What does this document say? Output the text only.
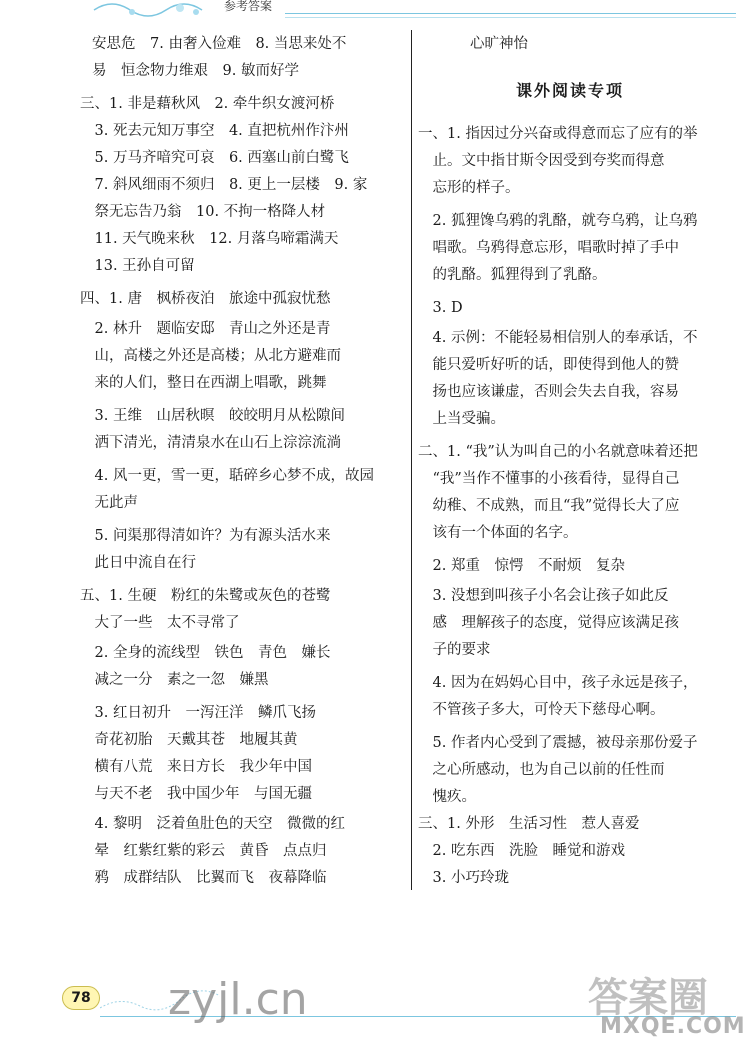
参考答案
安思危　7. 由奢入俭难　8. 当思来处不
易　恒念物力维艰　9. 敏而好学
三、1. 非是藉秋风　2. 牵牛织女渡河桥
　3. 死去元知万事空　4. 直把杭州作汴州
　5. 万马齐喑究可哀　6. 西塞山前白鹭飞
　7. 斜风细雨不须归　8. 更上一层楼　9. 家
　祭无忘告乃翁　10. 不拘一格降人材
　11. 天气晚来秋　12. 月落乌啼霜满天
　13. 王孙自可留
四、1. 唐　枫桥夜泊　旅途中孤寂忧愁
　2. 林升　题临安邸　青山之外还是青
　山，高楼之外还是高楼；从北方避难而
　来的人们，整日在西湖上唱歌，跳舞
　3. 王维　山居秋暝　皎皎明月从松隙间
　洒下清光，清清泉水在山石上淙淙流淌
　4. 风一更，雪一更，聒碎乡心梦不成，故园
　无此声
　5. 问渠那得清如许？为有源头活水来
　此日中流自在行
五、1. 生硬　粉红的朱鹭或灰色的苍鹭
　大了一些　太不寻常了
　2. 全身的流线型　铁色　青色　嫌长
　减之一分　素之一忽　嫌黑
　3. 红日初升　一泻汪洋　鳞爪飞扬
　奇花初胎　天戴其苍　地履其黄
　横有八荒　来日方长　我少年中国
　与天不老　我中国少年　与国无疆
　4. 黎明　泛着鱼肚色的天空　微微的红
　晕　红紫红紫的彩云　黄昏　点点归
　鸦　成群结队　比翼而飞　夜幕降临
心旷神怡
课外阅读专项
一、1. 指因过分兴奋或得意而忘了应有的举
　止。文中指甘斯令因受到夸奖而得意
　忘形的样子。
　2. 狐狸馋乌鸦的乳酪，就夸乌鸦，让乌鸦
　唱歌。乌鸦得意忘形，唱歌时掉了手中
　的乳酪。狐狸得到了乳酪。
　3. D
　4. 示例：不能轻易相信别人的奉承话，不
　能只爱听好听的话，即使得到他人的赞
　扬也应该谦虚，否则会失去自我，容易
　上当受骗。
二、1. “我”认为叫自己的小名就意味着还把
　“我”当作不懂事的小孩看待，显得自己
　幼稚、不成熟，而且“我”觉得长大了应
　该有一个体面的名字。
　2. 郑重　惊愕　不耐烦　复杂
　3. 没想到叫孩子小名会让孩子如此反
　感　理解孩子的态度，觉得应该满足孩
　子的要求
　4. 因为在妈妈心目中，孩子永远是孩子，
　不管孩子多大，可怜天下慈母心啊。
　5. 作者内心受到了震撼，被母亲那份爱子
　之心所感动，也为自己以前的任性而
　愧疚。
三、1. 外形　生活习性　惹人喜爱
　2. 吃东西　洗脸　睡觉和游戏
　3. 小巧玲珑
78 zyjl.cn	答案圈
MXQE.COM
